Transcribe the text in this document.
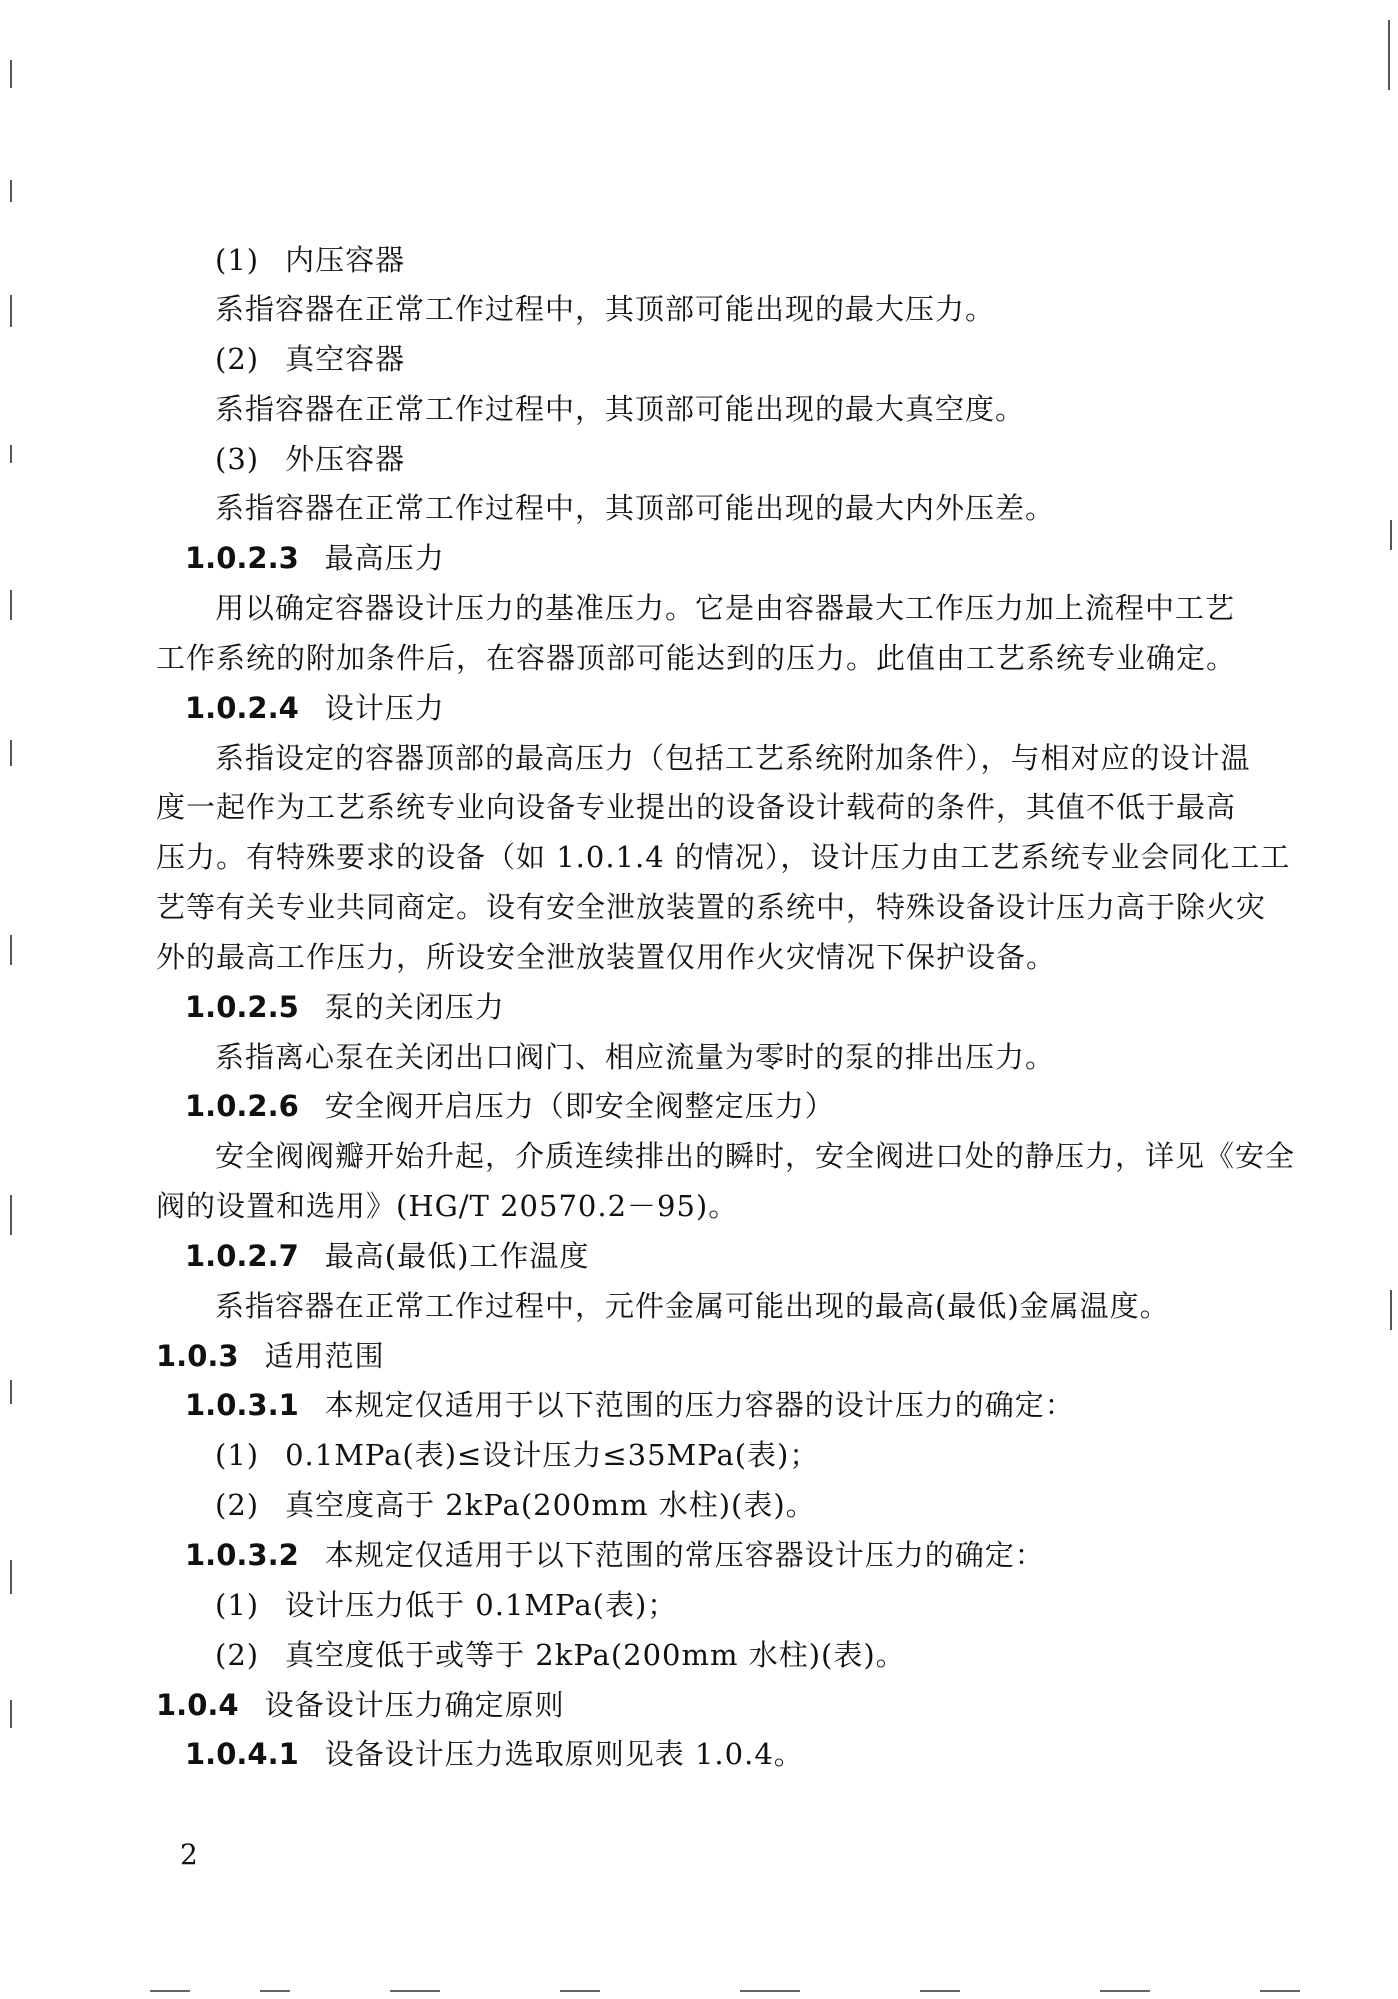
(1) 内压容器
系指容器在正常工作过程中，其顶部可能出现的最大压力。
(2) 真空容器
系指容器在正常工作过程中，其顶部可能出现的最大真空度。
(3) 外压容器
系指容器在正常工作过程中，其顶部可能出现的最大内外压差。
1.0.2.3 最高压力
用以确定容器设计压力的基准压力。它是由容器最大工作压力加上流程中工艺
工作系统的附加条件后，在容器顶部可能达到的压力。此值由工艺系统专业确定。
1.0.2.4 设计压力
系指设定的容器顶部的最高压力（包括工艺系统附加条件），与相对应的设计温
度一起作为工艺系统专业向设备专业提出的设备设计载荷的条件，其值不低于最高
压力。有特殊要求的设备（如 1.0.1.4 的情况），设计压力由工艺系统专业会同化工工
艺等有关专业共同商定。设有安全泄放装置的系统中，特殊设备设计压力高于除火灾
外的最高工作压力，所设安全泄放装置仅用作火灾情况下保护设备。
1.0.2.5 泵的关闭压力
系指离心泵在关闭出口阀门、相应流量为零时的泵的排出压力。
1.0.2.6 安全阀开启压力（即安全阀整定压力）
安全阀阀瓣开始升起，介质连续排出的瞬时，安全阀进口处的静压力，详见《安全
阀的设置和选用》(HG/T 20570.2－95)。
1.0.2.7 最高(最低)工作温度
系指容器在正常工作过程中，元件金属可能出现的最高(最低)金属温度。
1.0.3 适用范围
1.0.3.1 本规定仅适用于以下范围的压力容器的设计压力的确定：
(1) 0.1MPa(表)≤设计压力≤35MPa(表)；
(2) 真空度高于 2kPa(200mm 水柱)(表)。
1.0.3.2 本规定仅适用于以下范围的常压容器设计压力的确定：
(1) 设计压力低于 0.1MPa(表)；
(2) 真空度低于或等于 2kPa(200mm 水柱)(表)。
1.0.4 设备设计压力确定原则
1.0.4.1 设备设计压力选取原则见表 1.0.4。
2
